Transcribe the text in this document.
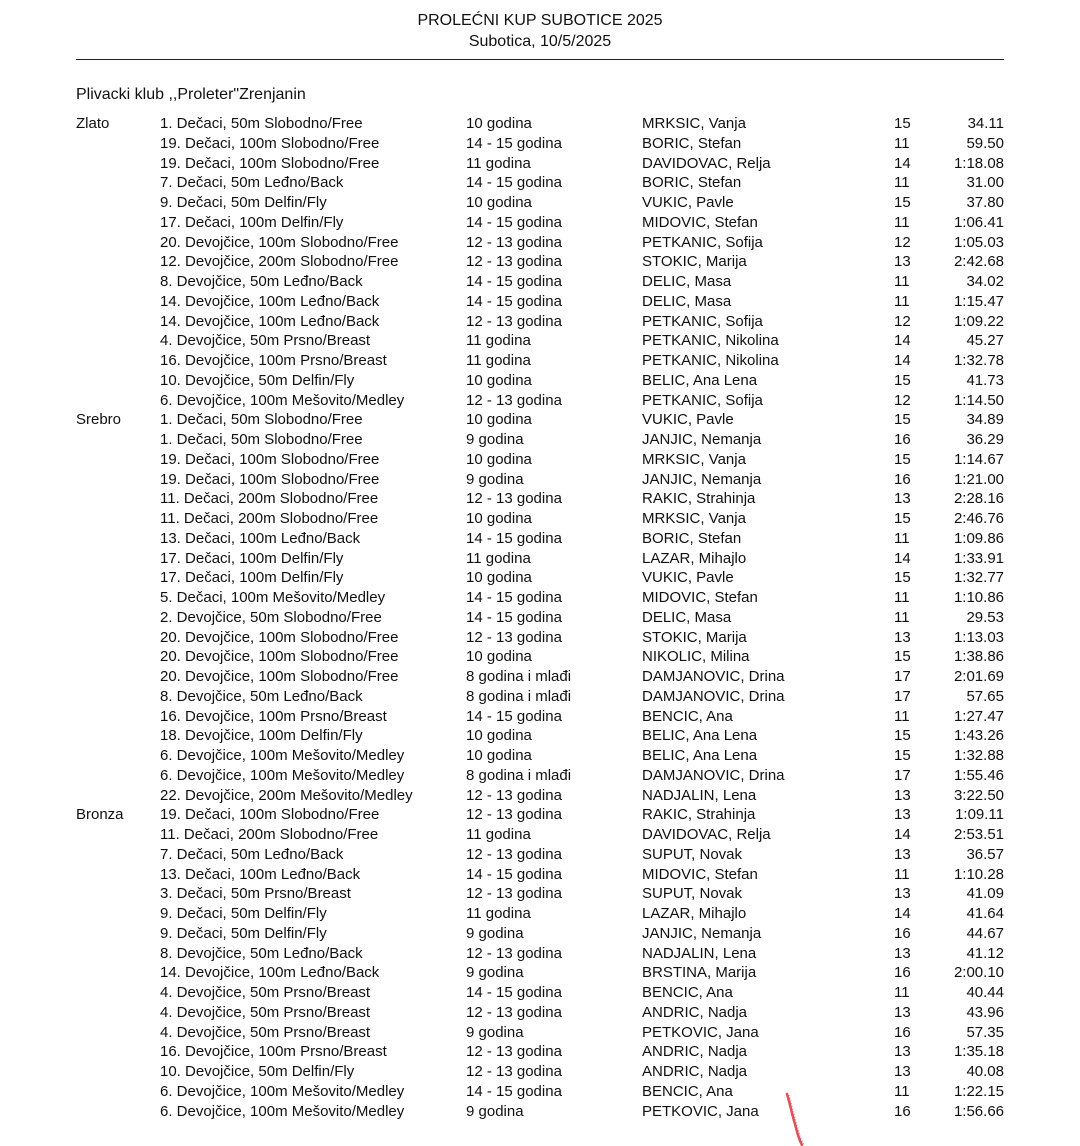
PROLEĆNI KUP SUBOTICE 2025
Subotica, 10/5/2025
Plivacki klub ,,Proleter"Zrenjanin
Zlato	1. Dečaci, 50m Slobodno/Free	10 godina	MRKSIC, Vanja	15	34.11
19. Dečaci, 100m Slobodno/Free	14 - 15 godina	BORIC, Stefan	11	59.50
19. Dečaci, 100m Slobodno/Free	11 godina	DAVIDOVAC, Relja	14	1:18.08
7. Dečaci, 50m Leđno/Back	14 - 15 godina	BORIC, Stefan	11	31.00
9. Dečaci, 50m Delfin/Fly	10 godina	VUKIC, Pavle	15	37.80
17. Dečaci, 100m Delfin/Fly	14 - 15 godina	MIDOVIC, Stefan	11	1:06.41
20. Devojčice, 100m Slobodno/Free	12 - 13 godina	PETKANIC, Sofija	12	1:05.03
12. Devojčice, 200m Slobodno/Free	12 - 13 godina	STOKIC, Marija	13	2:42.68
8. Devojčice, 50m Leđno/Back	14 - 15 godina	DELIC, Masa	11	34.02
14. Devojčice, 100m Leđno/Back	14 - 15 godina	DELIC, Masa	11	1:15.47
14. Devojčice, 100m Leđno/Back	12 - 13 godina	PETKANIC, Sofija	12	1:09.22
4. Devojčice, 50m Prsno/Breast	11 godina	PETKANIC, Nikolina	14	45.27
16. Devojčice, 100m Prsno/Breast	11 godina	PETKANIC, Nikolina	14	1:32.78
10. Devojčice, 50m Delfin/Fly	10 godina	BELIC, Ana Lena	15	41.73
6. Devojčice, 100m Mešovito/Medley	12 - 13 godina	PETKANIC, Sofija	12	1:14.50
Srebro	1. Dečaci, 50m Slobodno/Free	10 godina	VUKIC, Pavle	15	34.89
1. Dečaci, 50m Slobodno/Free	9 godina	JANJIC, Nemanja	16	36.29
19. Dečaci, 100m Slobodno/Free	10 godina	MRKSIC, Vanja	15	1:14.67
19. Dečaci, 100m Slobodno/Free	9 godina	JANJIC, Nemanja	16	1:21.00
11. Dečaci, 200m Slobodno/Free	12 - 13 godina	RAKIC, Strahinja	13	2:28.16
11. Dečaci, 200m Slobodno/Free	10 godina	MRKSIC, Vanja	15	2:46.76
13. Dečaci, 100m Leđno/Back	14 - 15 godina	BORIC, Stefan	11	1:09.86
17. Dečaci, 100m Delfin/Fly	11 godina	LAZAR, Mihajlo	14	1:33.91
17. Dečaci, 100m Delfin/Fly	10 godina	VUKIC, Pavle	15	1:32.77
5. Dečaci, 100m Mešovito/Medley	14 - 15 godina	MIDOVIC, Stefan	11	1:10.86
2. Devojčice, 50m Slobodno/Free	14 - 15 godina	DELIC, Masa	11	29.53
20. Devojčice, 100m Slobodno/Free	12 - 13 godina	STOKIC, Marija	13	1:13.03
20. Devojčice, 100m Slobodno/Free	10 godina	NIKOLIC, Milina	15	1:38.86
20. Devojčice, 100m Slobodno/Free	8 godina i mlađi	DAMJANOVIC, Drina	17	2:01.69
8. Devojčice, 50m Leđno/Back	8 godina i mlađi	DAMJANOVIC, Drina	17	57.65
16. Devojčice, 100m Prsno/Breast	14 - 15 godina	BENCIC, Ana	11	1:27.47
18. Devojčice, 100m Delfin/Fly	10 godina	BELIC, Ana Lena	15	1:43.26
6. Devojčice, 100m Mešovito/Medley	10 godina	BELIC, Ana Lena	15	1:32.88
6. Devojčice, 100m Mešovito/Medley	8 godina i mlađi	DAMJANOVIC, Drina	17	1:55.46
22. Devojčice, 200m Mešovito/Medley	12 - 13 godina	NADJALIN, Lena	13	3:22.50
Bronza 19. Dečaci, 100m Slobodno/Free	12 - 13 godina	RAKIC, Strahinja	13	1:09.11
11. Dečaci, 200m Slobodno/Free	11 godina	DAVIDOVAC, Relja	14	2:53.51
7. Dečaci, 50m Leđno/Back	12 - 13 godina	SUPUT, Novak	13	36.57
13. Dečaci, 100m Leđno/Back	14 - 15 godina	MIDOVIC, Stefan	11	1:10.28
3. Dečaci, 50m Prsno/Breast	12 - 13 godina	SUPUT, Novak	13	41.09
9. Dečaci, 50m Delfin/Fly	11 godina	LAZAR, Mihajlo	14	41.64
9. Dečaci, 50m Delfin/Fly	9 godina	JANJIC, Nemanja	16	44.67
8. Devojčice, 50m Leđno/Back	12 - 13 godina	NADJALIN, Lena	13	41.12
14. Devojčice, 100m Leđno/Back	9 godina	BRSTINA, Marija	16	2:00.10
4. Devojčice, 50m Prsno/Breast	14 - 15 godina	BENCIC, Ana	11	40.44
4. Devojčice, 50m Prsno/Breast	12 - 13 godina	ANDRIC, Nadja	13	43.96
4. Devojčice, 50m Prsno/Breast	9 godina	PETKOVIC, Jana	16	57.35
16. Devojčice, 100m Prsno/Breast	12 - 13 godina	ANDRIC, Nadja	13	1:35.18
10. Devojčice, 50m Delfin/Fly	12 - 13 godina	ANDRIC, Nadja	13	40.08
6. Devojčice, 100m Mešovito/Medley	14 - 15 godina	BENCIC, Ana	11	1:22.15
6. Devojčice, 100m Mešovito/Medley	9 godina	PETKOVIC, Jana	16	1:56.66
